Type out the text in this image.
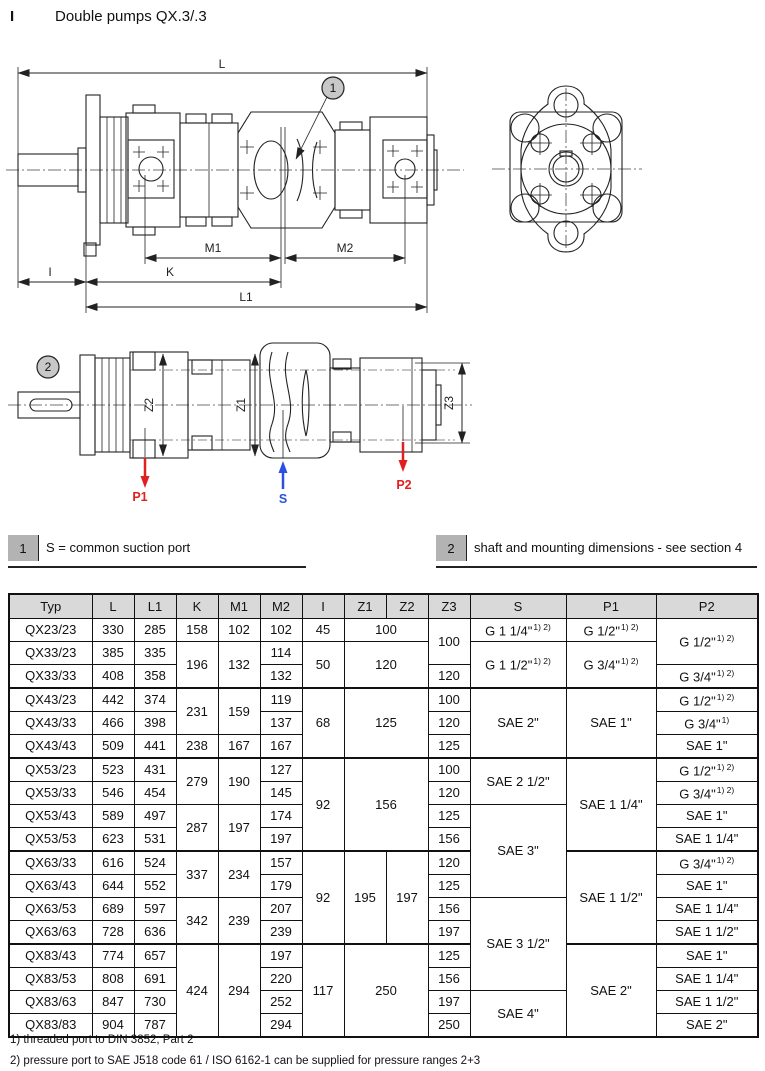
I	Double pumps QX.3/.3
1
L
M1	M2
I	K
L1
2
Z2	Z1	Z3
P1	S
P2
1	S = common suction port	2	shaft and mounting dimensions - see section 4
Typ	L	L1	K	M1	M2	I	Z1	Z2	Z3	S	P1	P2
QX23/23	330	285	158	102	102	45	100		100	G 1 1/4"$^{1) 2)}$	G 1/2"$^{1) 2)}$	G 1/2"$^{1) 2)}$
QX33/23	385	335	196	132	114	50	120			G 1 1/2"$^{1) 2)}$	G 3/4"$^{1) 2)}$
QX33/33	408	358			132				120			G 3/4"$^{1) 2)}$
QX43/23	442	374	231	159	119	68	125		100	SAE 2"	SAE 1"	G 1/2"$^{1) 2)}$
QX43/33	466	398			137				120			G 3/4"$^{1)}$
QX43/43	509	441	238	167	167				125			SAE 1"
QX53/23	523	431	279	190	127	92	156		100	SAE 2 1/2"	SAE 1 1/4"	G 1/2"$^{1) 2)}$
QX53/33	546	454			145				120			G 3/4"$^{1) 2)}$
QX53/43	589	497	287	197	174				125	SAE 3"		SAE 1"
QX53/53	623	531			197				156			SAE 1 1/4"
QX63/33	616	524	337	234	157	92	195	197	120		SAE 1 1/2"	G 3/4"$^{1) 2)}$
QX63/43	644	552			179				125			SAE 1"
QX63/53	689	597	342	239	207				156	SAE 3 1/2"		SAE 1 1/4"
QX63/63	728	636			239				197			SAE 1 1/2"
QX83/43	774	657	424	294	197	117	250		125		SAE 2"	SAE 1"
QX83/53	808	691			220				156			SAE 1 1/4"
QX83/63	847	730			252				197	SAE 4"		SAE 1 1/2"
QX83/83	904	787			294				250			SAE 2"
1) threaded port to DIN 3852, Part 2
2) pressure port to SAE J518 code 61 / ISO 6162-1 can be supplied for pressure ranges 2+3
